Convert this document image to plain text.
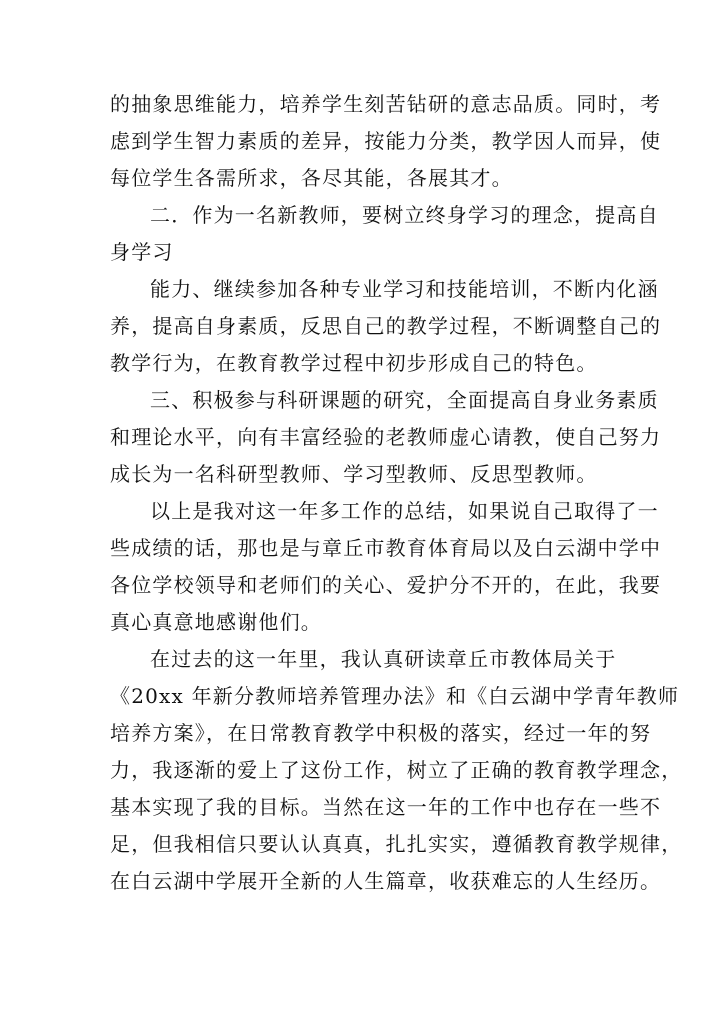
的抽象思维能力，培养学生刻苦钻研的意志品质。同时，考
虑到学生智力素质的差异，按能力分类，教学因人而异，使
每位学生各需所求，各尽其能，各展其才。
二．作为一名新教师，要树立终身学习的理念，提高自
身学习
能力、继续参加各种专业学习和技能培训，不断内化涵
养，提高自身素质，反思自己的教学过程，不断调整自己的
教学行为，在教育教学过程中初步形成自己的特色。
三、积极参与科研课题的研究，全面提高自身业务素质
和理论水平，向有丰富经验的老教师虚心请教，使自己努力
成长为一名科研型教师、学习型教师、反思型教师。
以上是我对这一年多工作的总结，如果说自己取得了一
些成绩的话，那也是与章丘市教育体育局以及白云湖中学中
各位学校领导和老师们的关心、爱护分不开的，在此，我要
真心真意地感谢他们。
在过去的这一年里，我认真研读章丘市教体局关于
《20xx 年新分教师培养管理办法》和《白云湖中学青年教师
培养方案》，在日常教育教学中积极的落实，经过一年的努
力，我逐渐的爱上了这份工作，树立了正确的教育教学理念，
基本实现了我的目标。当然在这一年的工作中也存在一些不
足，但我相信只要认认真真，扎扎实实，遵循教育教学规律，
在白云湖中学展开全新的人生篇章，收获难忘的人生经历。
